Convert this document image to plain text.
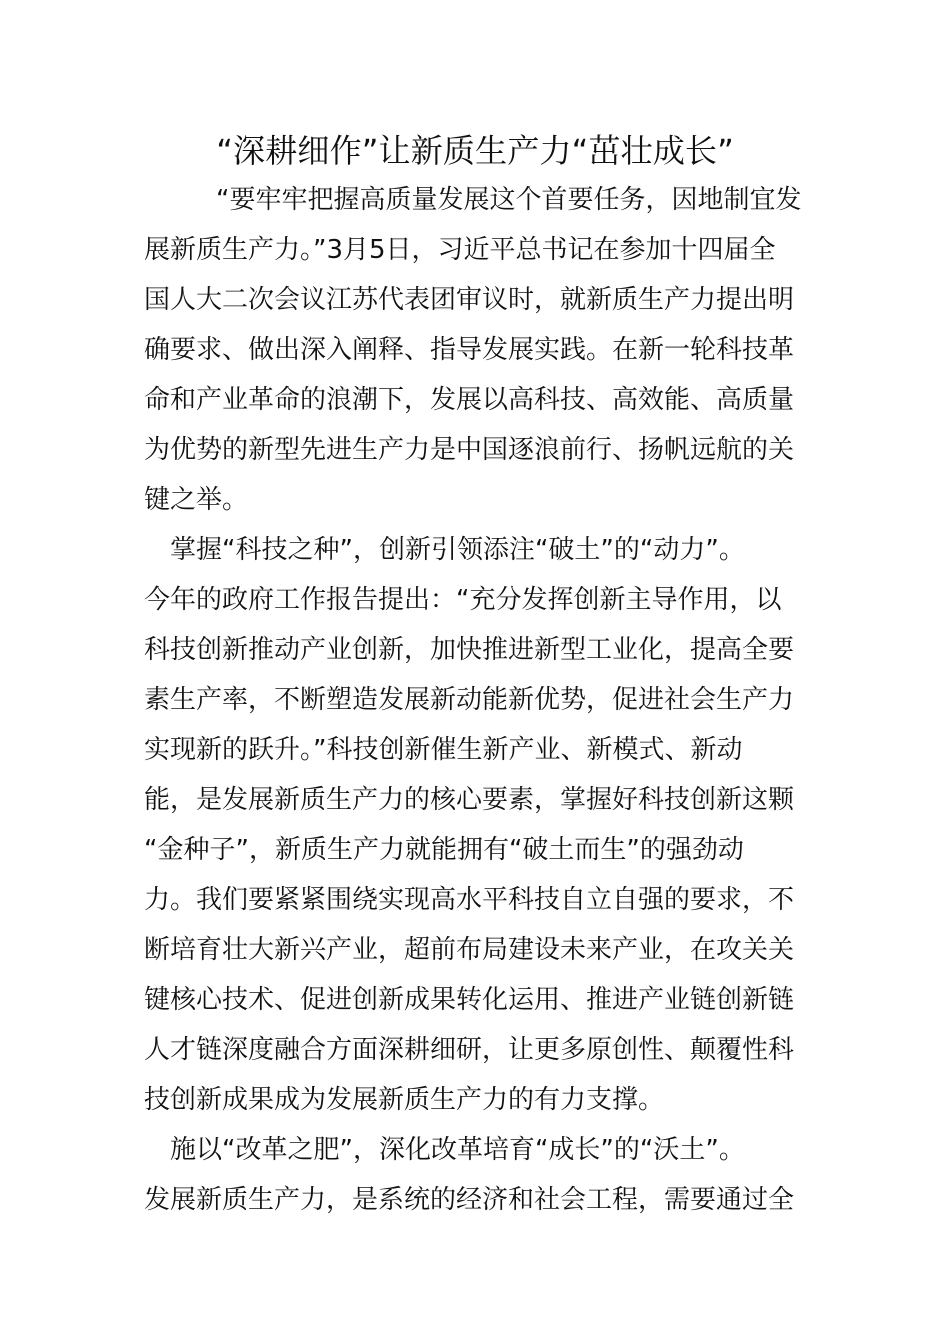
“深耕细作”让新质生产力“茁壮成长”
“要牢牢把握高质量发展这个首要任务，因地制宜发
展新质生产力。”3月5日，习近平总书记在参加十四届全
国人大二次会议江苏代表团审议时，就新质生产力提出明
确要求、做出深入阐释、指导发展实践。在新一轮科技革
命和产业革命的浪潮下，发展以高科技、高效能、高质量
为优势的新型先进生产力是中国逐浪前行、扬帆远航的关
键之举。
掌握“科技之种”，创新引领添注“破土”的“动力”。
今年的政府工作报告提出：“充分发挥创新主导作用，以
科技创新推动产业创新，加快推进新型工业化，提高全要
素生产率，不断塑造发展新动能新优势，促进社会生产力
实现新的跃升。”科技创新催生新产业、新模式、新动
能，是发展新质生产力的核心要素，掌握好科技创新这颗
“金种子”，新质生产力就能拥有“破土而生”的强劲动
力。我们要紧紧围绕实现高水平科技自立自强的要求，不
断培育壮大新兴产业，超前布局建设未来产业，在攻关关
键核心技术、促进创新成果转化运用、推进产业链创新链
人才链深度融合方面深耕细研，让更多原创性、颠覆性科
技创新成果成为发展新质生产力的有力支撑。
施以“改革之肥”，深化改革培育“成长”的“沃土”。
发展新质生产力，是系统的经济和社会工程，需要通过全
